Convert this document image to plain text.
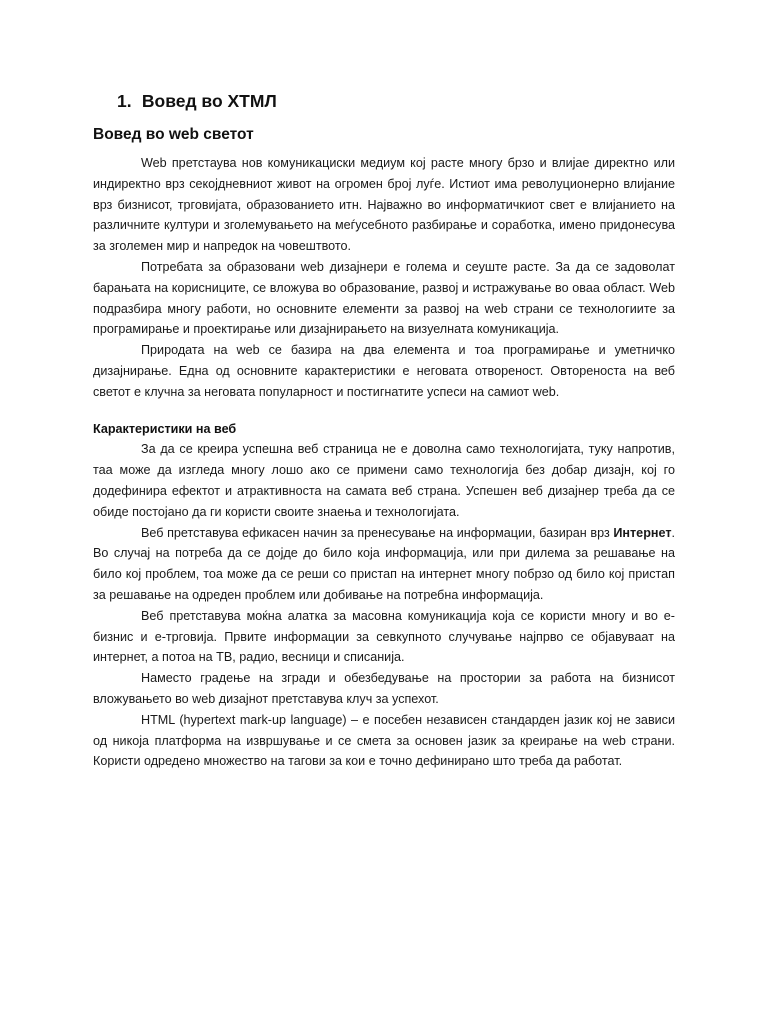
1. Вовед во ХТМЛ
Вовед во web светот

Web претстаува нов комуникациски медиум кој расте многу брзо и влијае директно или индиректно врз секојдневниот живот на огромен број луѓе. Истиот има револуционерно влијание врз бизнисот, трговијата, образованието итн. Најважно во информатичкиот свет е влијанието на различните култури и зголемувањето на меѓусебното разбирање и соработка, имено придонесува за зголемен мир и напредок на човештвото.

Потребата за образовани web дизајнери е голема и сеуште расте. За да се задоволат барањата на корисниците, се вложува во образование, развој и истражување во оваа област. Web подразбира многу работи, но основните елементи за развој на web страни се технологиите за програмирање и проектирање или дизајнирањето на визуелната комуникација.

Природата на web се базира на два елемента и тоа програмирање и уметничко дизајнирање. Една од основните карактеристики е неговата отвореност. Овтореноста на веб светот е клучна за неговата популарност и постигнатите успеси на самиот web.

Карактеристики на веб

За да се креира успешна веб страница не е доволна само технологијата, туку напротив, таа може да изгледа многу лошо ако се примени само технологија без добар дизајн, кој го додефинира ефектот и атрактивноста на самата веб страна. Успешен веб дизајнер треба да се обиде постојано да ги користи своите знаења и технологијата.

Веб претставува ефикасен начин за пренесување на информации, базиран врз Интернет. Во случај на потреба да се дојде до било која информација, или при дилема за решавање на било кој проблем, тоа може да се реши со пристап на интернет многу побрзо од било кој пристап за решавање на одреден проблем или добивање на потребна информација.

Веб претставува моќна алатка за масовна комуникација која се користи многу и во е-бизнис и е-трговија. Првите информации за севкупното случување најпрво се објавуваат на интернет, а потоа на ТВ, радио, весници и списанија.

Наместо градење на згради и обезбедување на простории за работа на бизнисот вложувањето во web дизајнот претставува клуч за успехот.

HTML (hypertext mark-up language) – е посебен независен стандарден јазик кој не зависи од никоја платформа на извршување и се смета за основен јазик за креирање на web страни. Користи одредено множество на тагови за кои е точно дефинирано што треба да работат.
